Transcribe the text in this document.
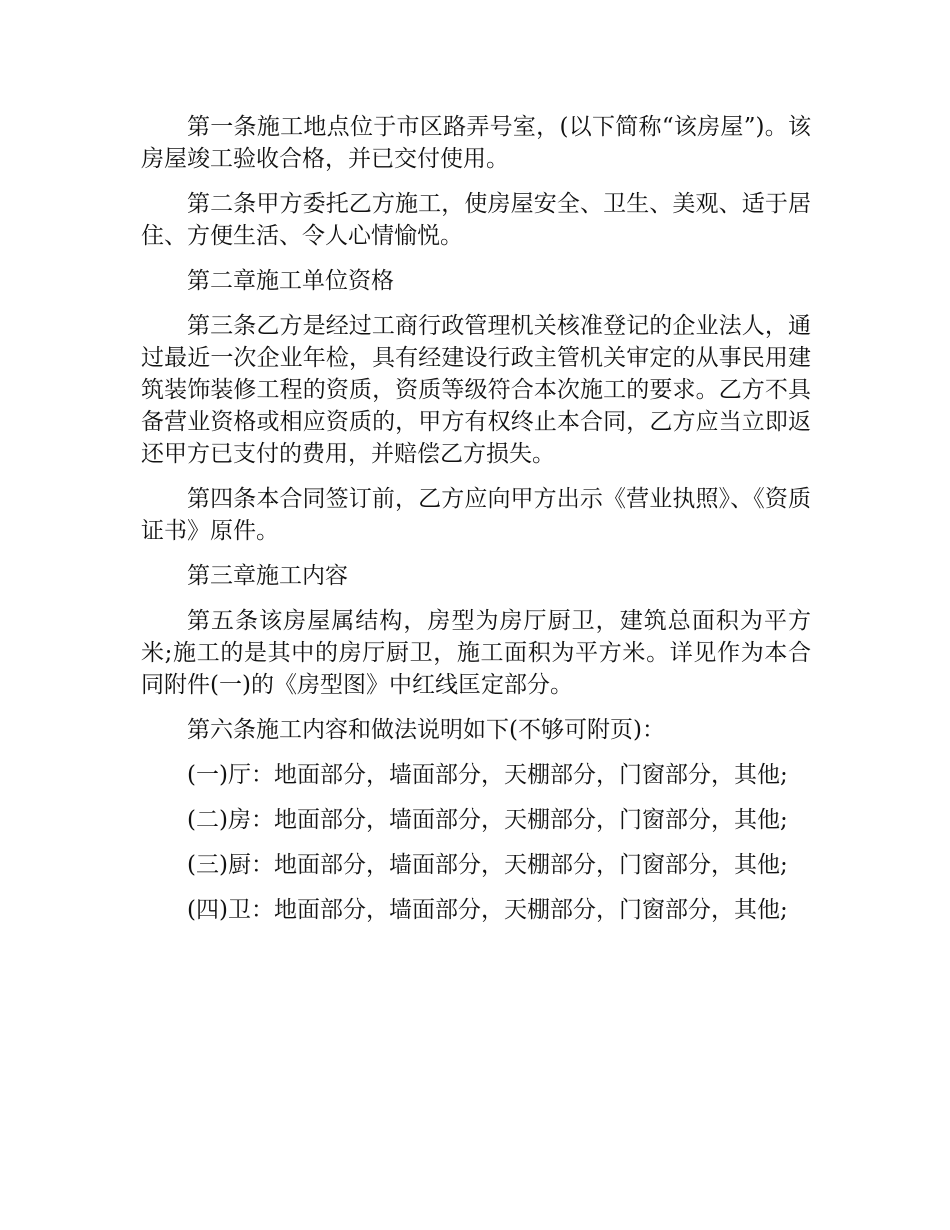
第一条施工地点位于市区路弄号室，(以下简称“该房屋”)。该房屋竣工验收合格，并已交付使用。

第二条甲方委托乙方施工，使房屋安全、卫生、美观、适于居住、方便生活、令人心情愉悦。

第二章施工单位资格

第三条乙方是经过工商行政管理机关核准登记的企业法人，通过最近一次企业年检，具有经建设行政主管机关审定的从事民用建筑装饰装修工程的资质，资质等级符合本次施工的要求。乙方不具备营业资格或相应资质的，甲方有权终止本合同，乙方应当立即返还甲方已支付的费用，并赔偿乙方损失。

第四条本合同签订前，乙方应向甲方出示《营业执照》、《资质证书》原件。

第三章施工内容

第五条该房屋属结构，房型为房厅厨卫，建筑总面积为平方米;施工的是其中的房厅厨卫，施工面积为平方米。详见作为本合同附件(一)的《房型图》中红线匡定部分。

第六条施工内容和做法说明如下(不够可附页)：

(一)厅：地面部分，墙面部分，天棚部分，门窗部分，其他;

(二)房：地面部分，墙面部分，天棚部分，门窗部分，其他;

(三)厨：地面部分，墙面部分，天棚部分，门窗部分，其他;

(四)卫：地面部分，墙面部分，天棚部分，门窗部分，其他;
